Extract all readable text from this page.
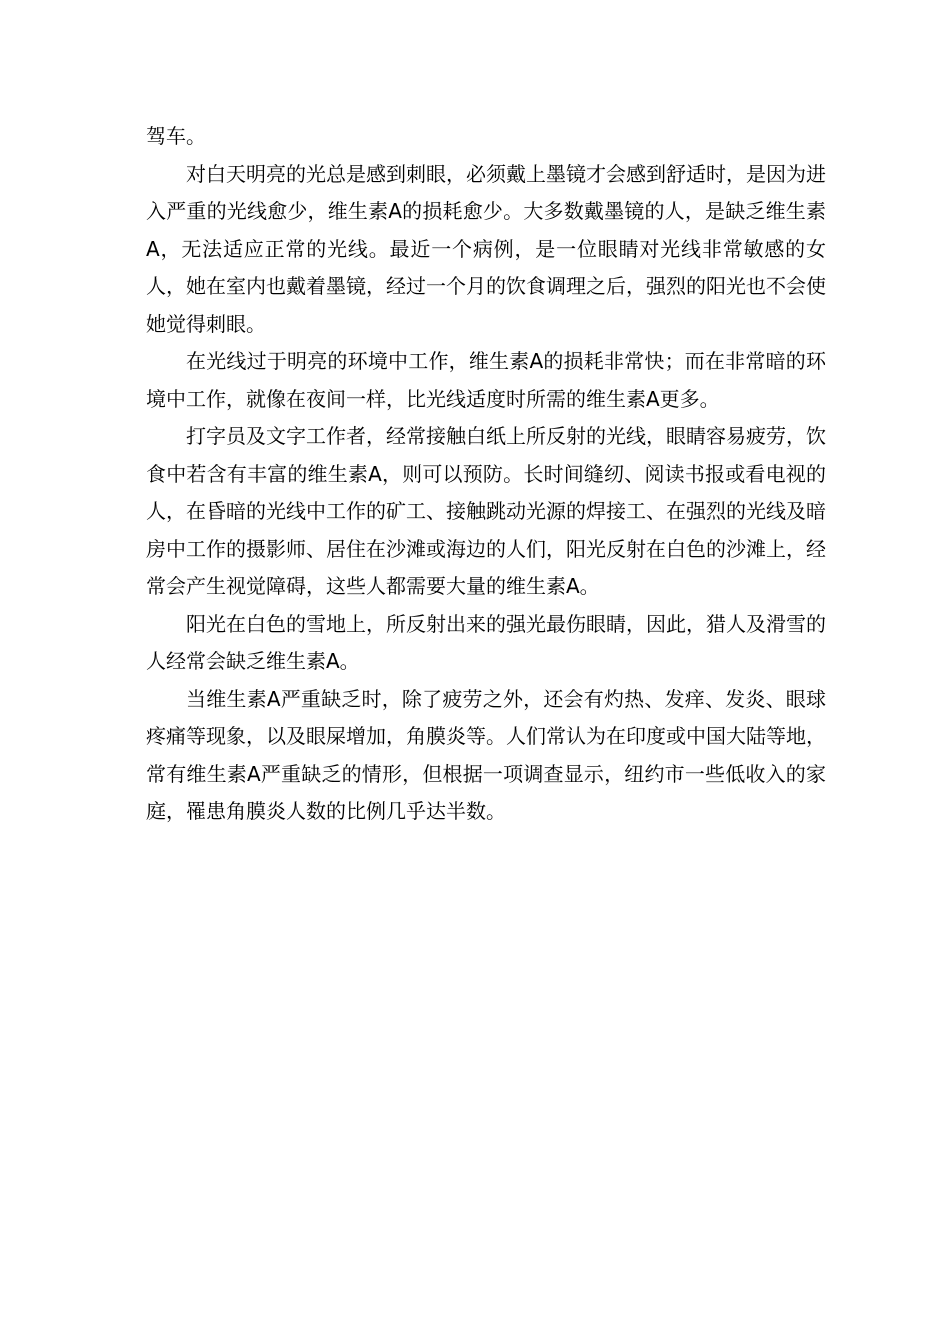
驾车。

对白天明亮的光总是感到刺眼，必须戴上墨镜才会感到舒适时，是因为进入严重的光线愈少，维生素A的损耗愈少。大多数戴墨镜的人，是缺乏维生素A，无法适应正常的光线。最近一个病例，是一位眼睛对光线非常敏感的女人，她在室内也戴着墨镜，经过一个月的饮食调理之后，强烈的阳光也不会使她觉得刺眼。

在光线过于明亮的环境中工作，维生素A的损耗非常快；而在非常暗的环境中工作，就像在夜间一样，比光线适度时所需的维生素A更多。

打字员及文字工作者，经常接触白纸上所反射的光线，眼睛容易疲劳，饮食中若含有丰富的维生素A，则可以预防。长时间缝纫、阅读书报或看电视的人，在昏暗的光线中工作的矿工、接触跳动光源的焊接工、在强烈的光线及暗房中工作的摄影师、居住在沙滩或海边的人们，阳光反射在白色的沙滩上，经常会产生视觉障碍，这些人都需要大量的维生素A。

阳光在白色的雪地上，所反射出来的强光最伤眼睛，因此，猎人及滑雪的人经常会缺乏维生素A。

当维生素A严重缺乏时，除了疲劳之外，还会有灼热、发痒、发炎、眼球疼痛等现象，以及眼屎增加，角膜炎等。人们常认为在印度或中国大陆等地，常有维生素A严重缺乏的情形，但根据一项调查显示，纽约市一些低收入的家庭，罹患角膜炎人数的比例几乎达半数。
